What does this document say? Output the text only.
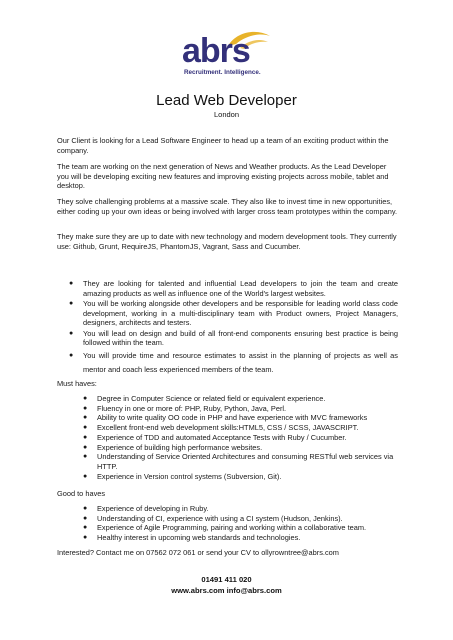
abrs
Recruitment. Intelligence.
Lead Web Developer
London

Our Client is looking for a Lead Software Engineer to head up a team of an exciting product within the company.

The team are working on the next generation of News and Weather products. As the Lead Developer you will be developing exciting new features and improving existing projects across mobile, tablet and desktop.

They solve challenging problems at a massive scale. They also like to invest time in new opportunities, either coding up your own ideas or being involved with larger cross team prototypes within the company.

They make sure they are up to date with new technology and modern development tools. They currently use: Github, Grunt, RequireJS, PhantomJS, Vagrant, Sass and Cucumber.

● They are looking for talented and influential Lead developers to join the team and create amazing products as well as influence one of the World's largest websites.
● You will be working alongside other developers and be responsible for leading world class code development, working in a multi-disciplinary team with Product owners, Project Managers, designers, architects and testers.
● You will lead on design and build of all front-end components ensuring best practice is being followed within the team.
● You will provide time and resource estimates to assist in the planning of projects as well as mentor and coach less experienced members of the team.
Must haves:
● Degree in Computer Science or related field or equivalent experience.
● Fluency in one or more of: PHP, Ruby, Python, Java, Perl.
● Ability to write quality OO code in PHP and have experience with MVC frameworks
● Excellent front-end web development skills:HTML5, CSS / SCSS, JAVASCRIPT.
● Experience of TDD and automated Acceptance Tests with Ruby / Cucumber.
● Experience of building high performance websites.
● Understanding of Service Oriented Architectures and consuming RESTful web services via HTTP.
● Experience in Version control systems (Subversion, Git).
Good to haves
● Experience of developing in Ruby.
● Understanding of CI, experience with using a CI system (Hudson, Jenkins).
● Experience of Agile Programming, pairing and working within a collaborative team.
● Healthy interest in upcoming web standards and technologies.

Interested? Contact me on 07562 072 061 or send your CV to ollyrowntree@abrs.com

01491 411 020
www.abrs.com info@abrs.com
